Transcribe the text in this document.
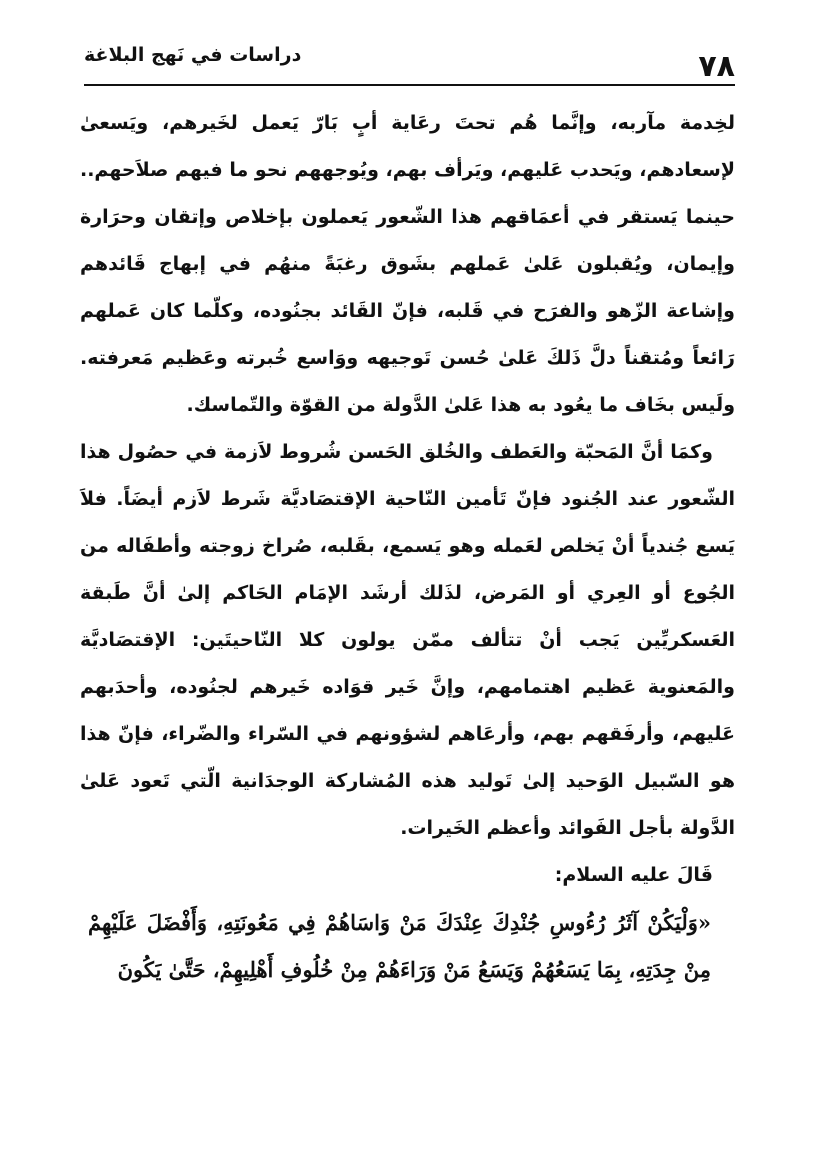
٧٨
دراسات في نَهج البلاغة

لخِدمة مآربه، وإنَّما هُم تحتَ رعَاية أبٍ بَارّ يَعمل لخَيرهم، ويَسعىٰ لإسعادهم، ويَحدب عَليهم، ويَرأف بهم، ويُوجههم نحو ما فيهم صلاَحهم.. حينما يَستقر في أعمَاقهم هذا الشّعور يَعملون بإخلاص وإتقان وحرَارة وإيمان، ويُقبلون عَلىٰ عَملهم بشَوق رغبَةً منهُم في إبهاج قَائدهم وإشاعة الزّهو والفرَح في قَلبه، فإنّ القَائد بجنُوده، وكلّما كان عَملهم رَائعاً ومُتقناً دلَّ ذَلكَ عَلىٰ حُسن تَوجيهه ووَاسع خُبرته وعَظيم مَعرفته. ولَيس بخَاف ما يعُود به هذا عَلىٰ الدَّولة من القوّة والتّماسك.

وكمَا أنَّ المَحبّة والعَطف والخُلق الحَسن شُروط لاَزمة في حصُول هذا الشّعور عند الجُنود فإنّ تَأمين النّاحية الإقتصَاديَّة شَرط لاَزم أيضَاً. فلاَ يَسع جُندياً أنْ يَخلص لعَمله وهو يَسمع، بقَلبه، صُراخ زوجته وأطفَاله من الجُوع أو العِري أو المَرض، لذَلك أرشَد الإمَام الحَاكم إلىٰ أنَّ طَبقة العَسكريِّين يَجب أنْ تتألف ممّن يولون كلا النّاحيتَين: الإقتصَاديَّة والمَعنوية عَظيم اهتمامهم، وإنَّ خَير قوَاده خَيرهم لجنُوده، وأحدَبهم عَليهم، وأرفَقهم بهم، وأرعَاهم لشؤونهم في السّراء والضّراء، فإنّ هذا هو السّبيل الوَحيد إلىٰ تَوليد هذه المُشاركة الوجدَانية الّتي تَعود عَلىٰ الدَّولة بأجل الفَوائد وأعظم الخَيرات.

قَالَ عليه السلام:

«وَلْيَكُنْ آثَرُ رُءُوسِ جُنْدِكَ عِنْدَكَ مَنْ وَاسَاهُمْ فِي مَعُونَتِهِ، وَأَفْضَلَ عَلَيْهِمْ مِنْ جِدَتِهِ، بِمَا يَسَعُهُمْ وَيَسَعُ مَنْ وَرَاءَهُمْ مِنْ خُلُوفِ أَهْلِيهِمْ، حَتَّىٰ يَكُونَ
